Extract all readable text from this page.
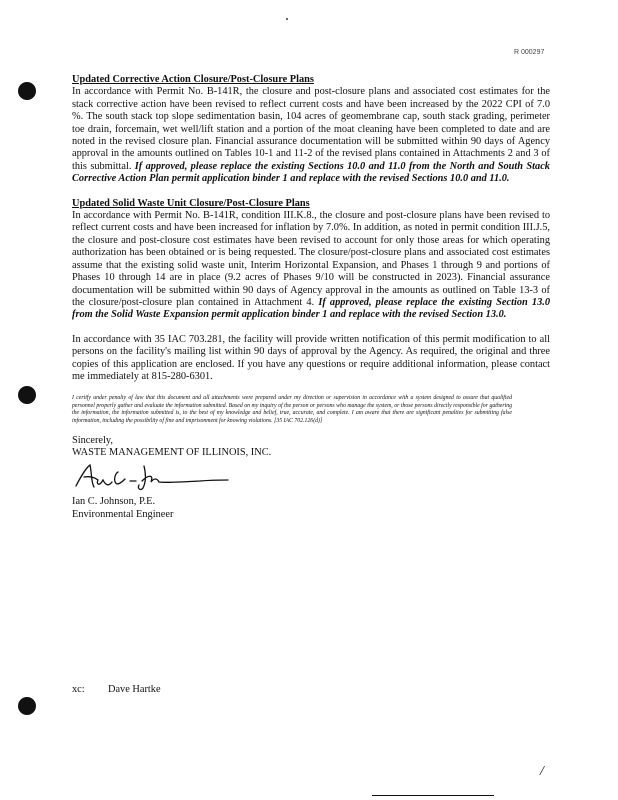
R 000297

Updated Corrective Action Closure/Post-Closure Plans

In accordance with Permit No. B-141R, the closure and post-closure plans and associated cost estimates for the stack corrective action have been revised to reflect current costs and have been increased by the 2022 CPI of 7.0 %. The south stack top slope sedimentation basin, 104 acres of geomembrane cap, south stack grading, perimeter toe drain, forcemain, wet well/lift station and a portion of the moat cleaning have been completed to date and are noted in the revised closure plan. Financial assurance documentation will be submitted within 90 days of Agency approval in the amounts outlined on Tables 10-1 and 11-2 of the revised plans contained in Attachments 2 and 3 of this submittal. If approved, please replace the existing Sections 10.0 and 11.0 from the North and South Stack Corrective Action Plan permit application binder 1 and replace with the revised Sections 10.0 and 11.0.

Updated Solid Waste Unit Closure/Post-Closure Plans

In accordance with Permit No. B-141R, condition III.K.8., the closure and post-closure plans have been revised to reflect current costs and have been increased for inflation by 7.0%. In addition, as noted in permit condition III.J.5, the closure and post-closure cost estimates have been revised to account for only those areas for which operating authorization has been obtained or is being requested. The closure/post-closure plans and associated cost estimates assume that the existing solid waste unit, Interim Horizontal Expansion, and Phases 1 through 9 and portions of Phases 10 through 14 are in place (9.2 acres of Phases 9/10 will be constructed in 2023). Financial assurance documentation will be submitted within 90 days of Agency approval in the amounts as outlined on Table 13-3 of the closure/post-closure plan contained in Attachment 4. If approved, please replace the existing Section 13.0 from the Solid Waste Expansion permit application binder 1 and replace with the revised Section 13.0.

In accordance with 35 IAC 703.281, the facility will provide written notification of this permit modification to all persons on the facility's mailing list within 90 days of approval by the Agency. As required, the original and three copies of this application are enclosed. If you have any questions or require additional information, please contact me immediately at 815-280-6301.

I certify under penalty of law that this document and all attachments were prepared under my direction or supervision in accordance with a system designed to assure that qualified personnel properly gather and evaluate the information submitted. Based on my inquiry of the person or persons who manage the system, or those persons directly responsible for gathering the information, the information submitted is, to the best of my knowledge and belief, true, accurate, and complete. I am aware that there are significant penalties for submitting false information, including the possibility of fine and imprisonment for knowing violations. [35 IAC 702.126(d)]

Sincerely,

WASTE MANAGEMENT OF ILLINOIS, INC.

Ian C. Johnson, P.E.

Environmental Engineer

xc: Dave Hartke
/
